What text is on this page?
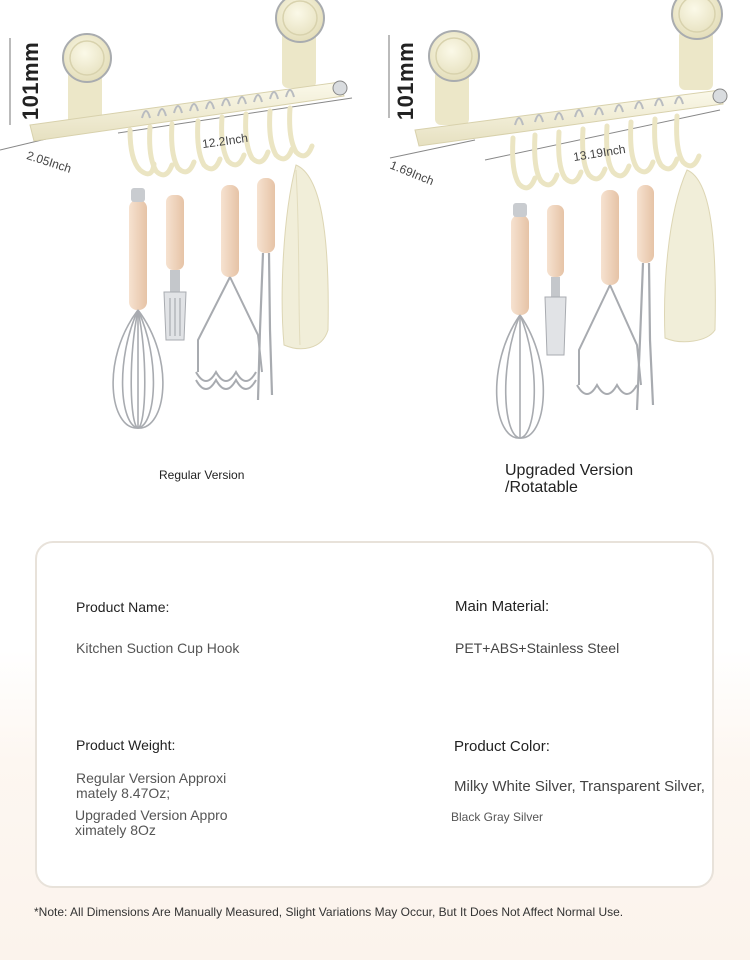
101mm
12.2Inch
2.05Inch
Regular Version
101mm
13.19Inch
1.69Inch
Upgraded Version
/Rotatable
Product Name:
Kitchen Suction Cup Hook
Main Material:
PET+ABS+Stainless Steel
Product Weight:
Regular Version Approxi
mately 8.47Oz;
Upgraded Version Appro
ximately 8Oz
Product Color:
Milky White Silver, Transparent Silver,
Black Gray Silver
*Note: All Dimensions Are Manually Measured, Slight Variations May Occur, But It Does Not Affect Normal Use.
